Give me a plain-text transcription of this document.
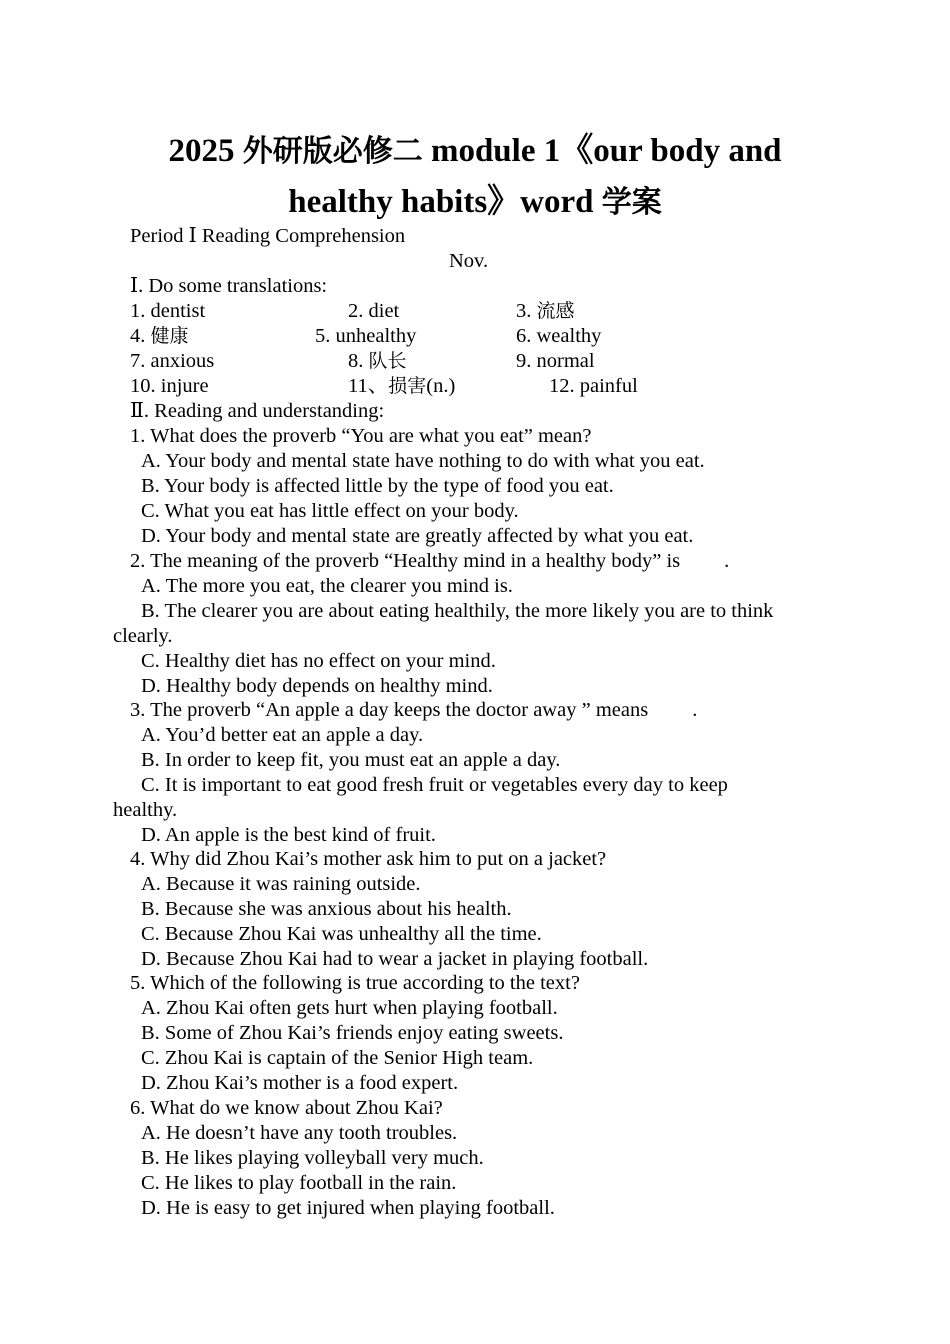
2025 外研版必修二 module 1《our body and
healthy habits》word 学案
Period Ⅰ Reading Comprehension
Nov.
Ⅰ. Do some translations:
1. dentist	2. diet	3. 流感
4. 健康	5. unhealthy	6. wealthy
7. anxious	8. 队长	9. normal
10. injure	11、损害(n.)	12. painful
Ⅱ. Reading and understanding:
1. What does the proverb “You are what you eat” mean?
A. Your body and mental state have nothing to do with what you eat.
B. Your body is affected little by the type of food you eat.
C. What you eat has little effect on your body.
D. Your body and mental state are greatly affected by what you eat.
2. The meaning of the proverb “Healthy mind in a healthy body” is .
A. The more you eat, the clearer you mind is.
B. The clearer you are about eating healthily, the more likely you are to think
clearly.
C. Healthy diet has no effect on your mind.
D. Healthy body depends on healthy mind.
3. The proverb “An apple a day keeps the doctor away ” means .
A. You’d better eat an apple a day.
B. In order to keep fit, you must eat an apple a day.
C. It is important to eat good fresh fruit or vegetables every day to keep
healthy.
D. An apple is the best kind of fruit.
4. Why did Zhou Kai’s mother ask him to put on a jacket?
A. Because it was raining outside.
B. Because she was anxious about his health.
C. Because Zhou Kai was unhealthy all the time.
D. Because Zhou Kai had to wear a jacket in playing football.
5. Which of the following is true according to the text?
A. Zhou Kai often gets hurt when playing football.
B. Some of Zhou Kai’s friends enjoy eating sweets.
C. Zhou Kai is captain of the Senior High team.
D. Zhou Kai’s mother is a food expert.
6. What do we know about Zhou Kai?
A. He doesn’t have any tooth troubles.
B. He likes playing volleyball very much.
C. He likes to play football in the rain.
D. He is easy to get injured when playing football.
